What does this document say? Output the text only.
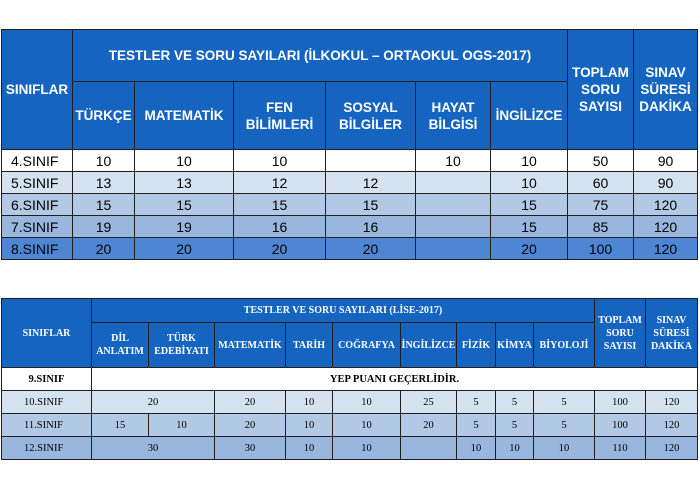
SINIFLAR	TESTLER VE SORU SAYILARI (İLKOKUL – ORTAOKUL OGS-2017)						TOPLAM SORU SAYISI	SINAV SÜRESİ DAKİKA
	TÜRKÇE	MATEMATİK	FEN BİLİMLERİ	SOSYAL BİLGİLER	HAYAT BİLGİSİ	İNGİLİZCE		
4.SINIF	10	10	10		10	10	50	90
5.SINIF	13	13	12	12		10	60	90
6.SINIF	15	15	15	15		15	75	120
7.SINIF	19	19	16	16		15	85	120
8.SINIF	20	20	20	20		20	100	120
SINIFLAR	TESTLER VE SORU SAYILARI (LİSE-2017)									TOPLAM SORU SAYISI	SINAV SÜRESİ DAKİKA
	DİL ANLATIM	TÜRK EDEBİYATI	MATEMATİK	TARİH	COĞRAFYA	İNGİLİZCE	FİZİK	KİMYA	BİYOLOJİ		
9.SINIF	YEP PUANI GEÇERLİDİR.										
10.SINIF	20		20	10	10	25	5	5	5	100	120
11.SINIF	15	10	20	10	10	20	5	5	5	100	120
12.SINIF	30		30	10	10		10	10	10	110	120
